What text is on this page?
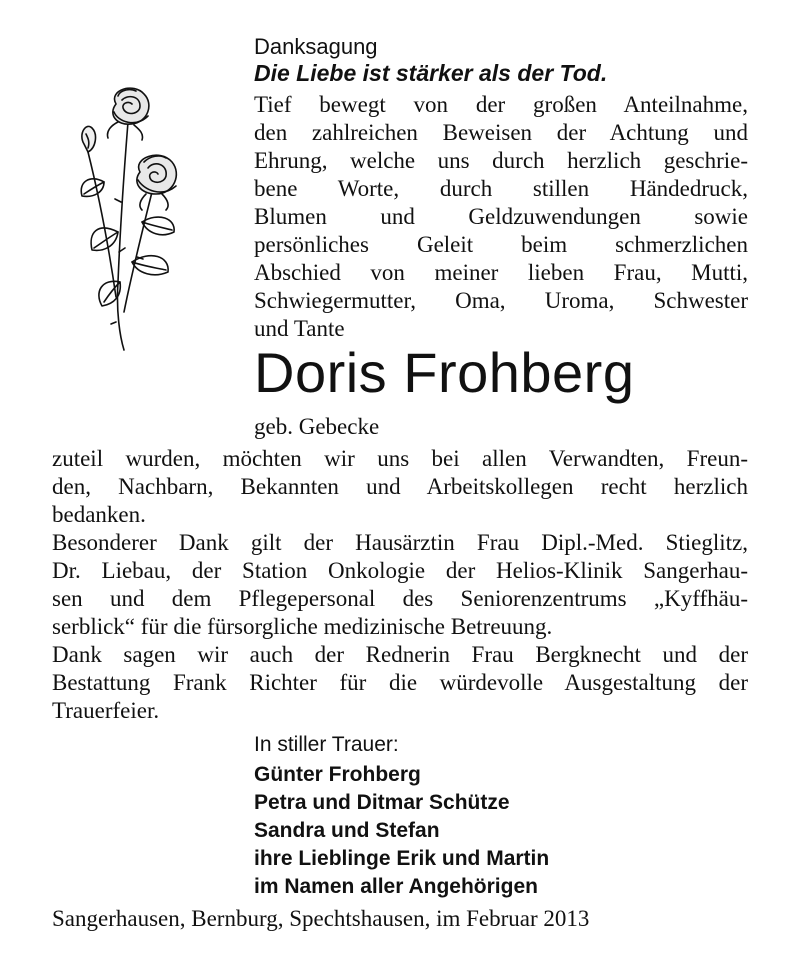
Danksagung
Die Liebe ist stärker als der Tod.
Tief bewegt von der großen Anteilnahme,
den zahlreichen Beweisen der Achtung und
Ehrung, welche uns durch herzlich geschrie-
bene Worte, durch stillen Händedruck,
Blumen und Geldzuwendungen sowie
persönliches Geleit beim schmerzlichen
Abschied von meiner lieben Frau, Mutti,
Schwiegermutter, Oma, Uroma, Schwester
und Tante
Doris Frohberg
geb. Gebecke
zuteil wurden, möchten wir uns bei allen Verwandten, Freun-
den, Nachbarn, Bekannten und Arbeitskollegen recht herzlich
bedanken.
Besonderer Dank gilt der Hausärztin Frau Dipl.-Med. Stieglitz,
Dr. Liebau, der Station Onkologie der Helios-Klinik Sangerhau-
sen und dem Pflegepersonal des Seniorenzentrums „Kyffhäu-
serblick“ für die fürsorgliche medizinische Betreuung.
Dank sagen wir auch der Rednerin Frau Bergknecht und der
Bestattung Frank Richter für die würdevolle Ausgestaltung der
Trauerfeier.
In stiller Trauer:
Günter Frohberg
Petra und Ditmar Schütze
Sandra und Stefan
ihre Lieblinge Erik und Martin
im Namen aller Angehörigen
Sangerhausen, Bernburg, Spechtshausen, im Februar 2013
